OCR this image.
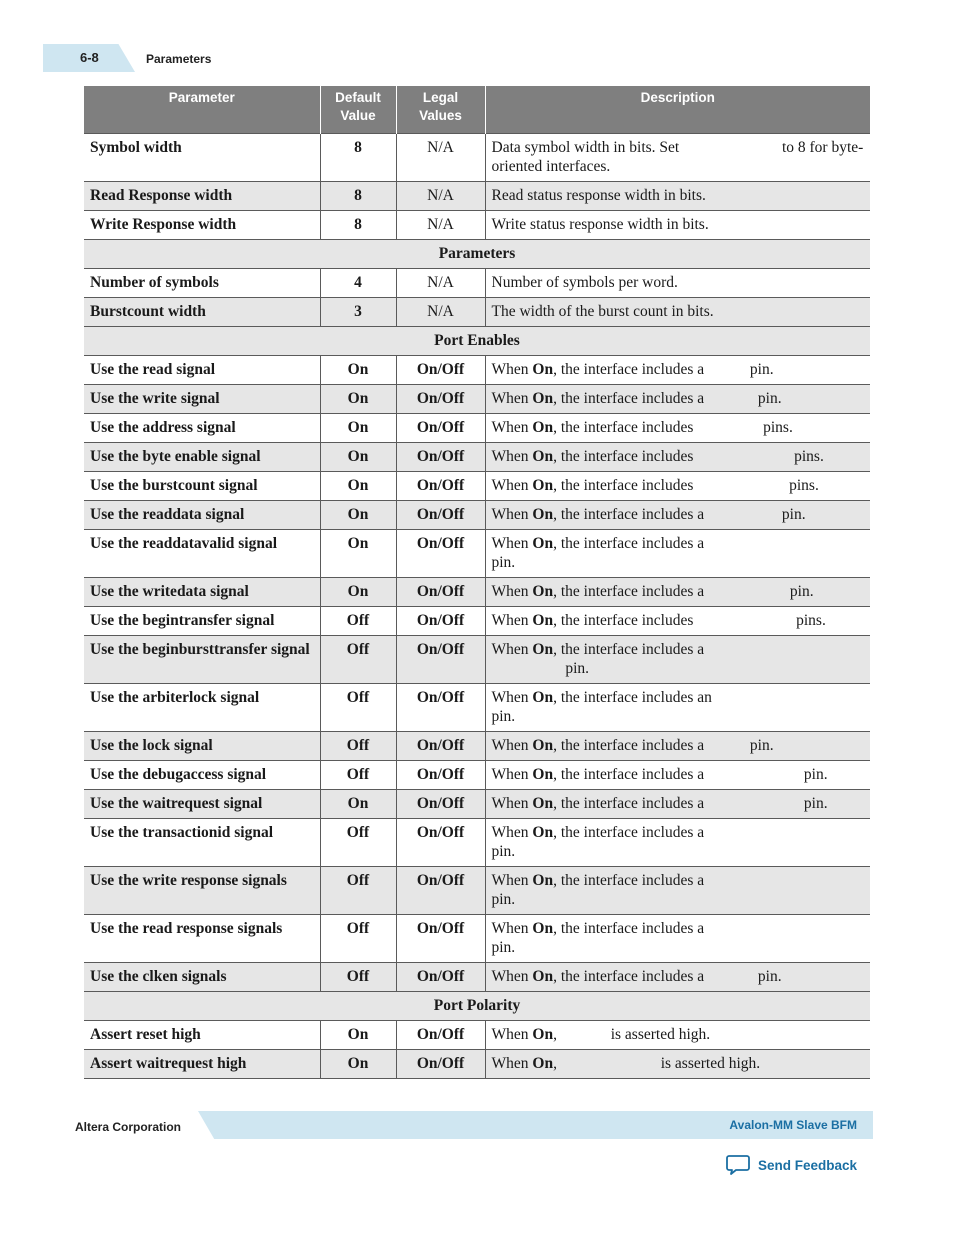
6-8	Parameters
Parameter	Default Value	Legal Values	Description
Symbol width	8	N/A	Data symbol width in bits. Set to 8 for byte-oriented interfaces.
Read Response width	8	N/A	Read status response width in bits.
Write Response width	8	N/A	Write status response width in bits.
Parameters			
Number of symbols	4	N/A	Number of symbols per word.
Burstcount width	3	N/A	The width of the burst count in bits.
Port Enables			
Use the read signal	On	On/Off	When On, the interface includes a  pin.
Use the write signal	On	On/Off	When On, the interface includes a pin.
Use the address signal	On	On/Off	When On, the interface includes pins.
Use the byte enable signal	On	On/Off	When On, the interface includes pins.
Use the burstcount signal	On	On/Off	When On, the interface includes pins.
Use the readdata signal	On	On/Off	When On, the interface includes a pin.
Use the readdatavalid signal	On	On/Off	When On, the interface includes a
pin.
Use the writedata signal	On	On/Off	When On, the interface includes a pin.
Use the begintransfer signal	Off	On/Off	When On, the interface includes pins.
Use the beginbursttransfer signal	Off	On/Off	When On, the interface includes a
pin.
Use the arbiterlock signal	Off	On/Off	When On, the interface includes an
pin.
Use the lock signal	Off	On/Off	When On, the interface includes a  pin.
Use the debugaccess signal	Off	On/Off	When On, the interface includes a pin.
Use the waitrequest signal	On	On/Off	When On, the interface includes a pin.
Use the transactionid signal	Off	On/Off	When On, the interface includes a
pin.
Use the write response signals	Off	On/Off	When On, the interface includes a
pin.
Use the read response signals	Off	On/Off	When On, the interface includes a
pin.
Use the clken signals	Off	On/Off	When On, the interface includes a pin.
Port Polarity			
Assert reset high	On	On/Off	When On, is asserted high.
Assert waitrequest high	On	On/Off	When On, is asserted high.
Altera Corporation	Avalon-MM Slave BFM
Send Feedback
